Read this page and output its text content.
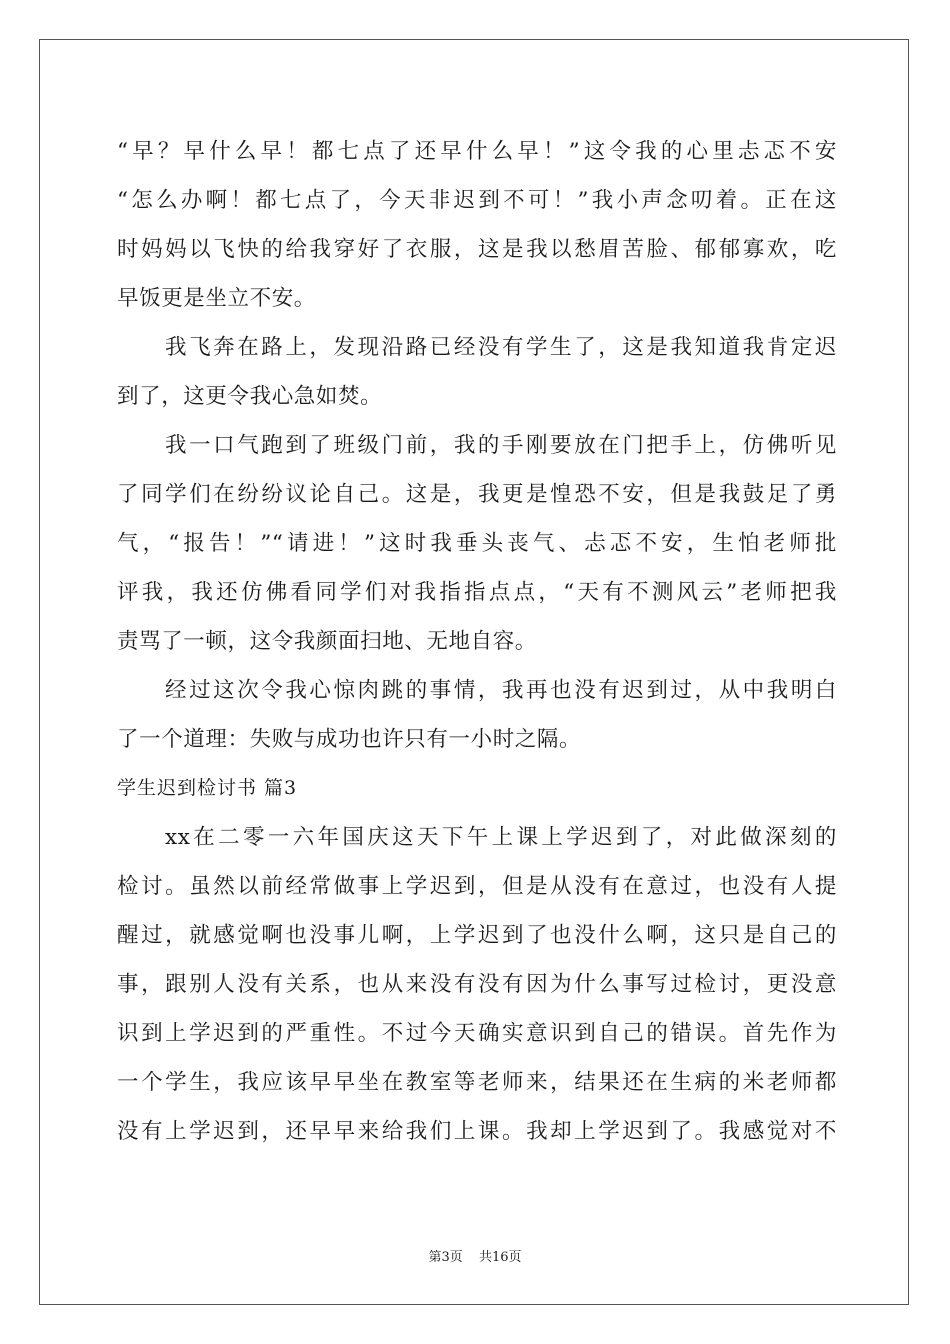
“早？早什么早！都七点了还早什么早！”这令我的心里忐忑不安
“怎么办啊！都七点了，今天非迟到不可！”我小声念叨着。正在这
时妈妈以飞快的给我穿好了衣服，这是我以愁眉苦脸、郁郁寡欢，吃
早饭更是坐立不安。
我飞奔在路上，发现沿路已经没有学生了，这是我知道我肯定迟
到了，这更令我心急如焚。
我一口气跑到了班级门前，我的手刚要放在门把手上，仿佛听见
了同学们在纷纷议论自己。这是，我更是惶恐不安，但是我鼓足了勇
气，“报告！”“请进！”这时我垂头丧气、忐忑不安，生怕老师批
评我，我还仿佛看同学们对我指指点点，“天有不测风云”老师把我
责骂了一顿，这令我颜面扫地、无地自容。
经过这次令我心惊肉跳的事情，我再也没有迟到过，从中我明白
了一个道理：失败与成功也许只有一小时之隔。
学生迟到检讨书 篇3
xx在二零一六年国庆这天下午上课上学迟到了，对此做深刻的
检讨。虽然以前经常做事上学迟到，但是从没有在意过，也没有人提
醒过，就感觉啊也没事儿啊，上学迟到了也没什么啊，这只是自己的
事，跟别人没有关系，也从来没有没有因为什么事写过检讨，更没意
识到上学迟到的严重性。不过今天确实意识到自己的错误。首先作为
一个学生，我应该早早坐在教室等老师来，结果还在生病的米老师都
没有上学迟到，还早早来给我们上课。我却上学迟到了。我感觉对不
第3页 共16页
